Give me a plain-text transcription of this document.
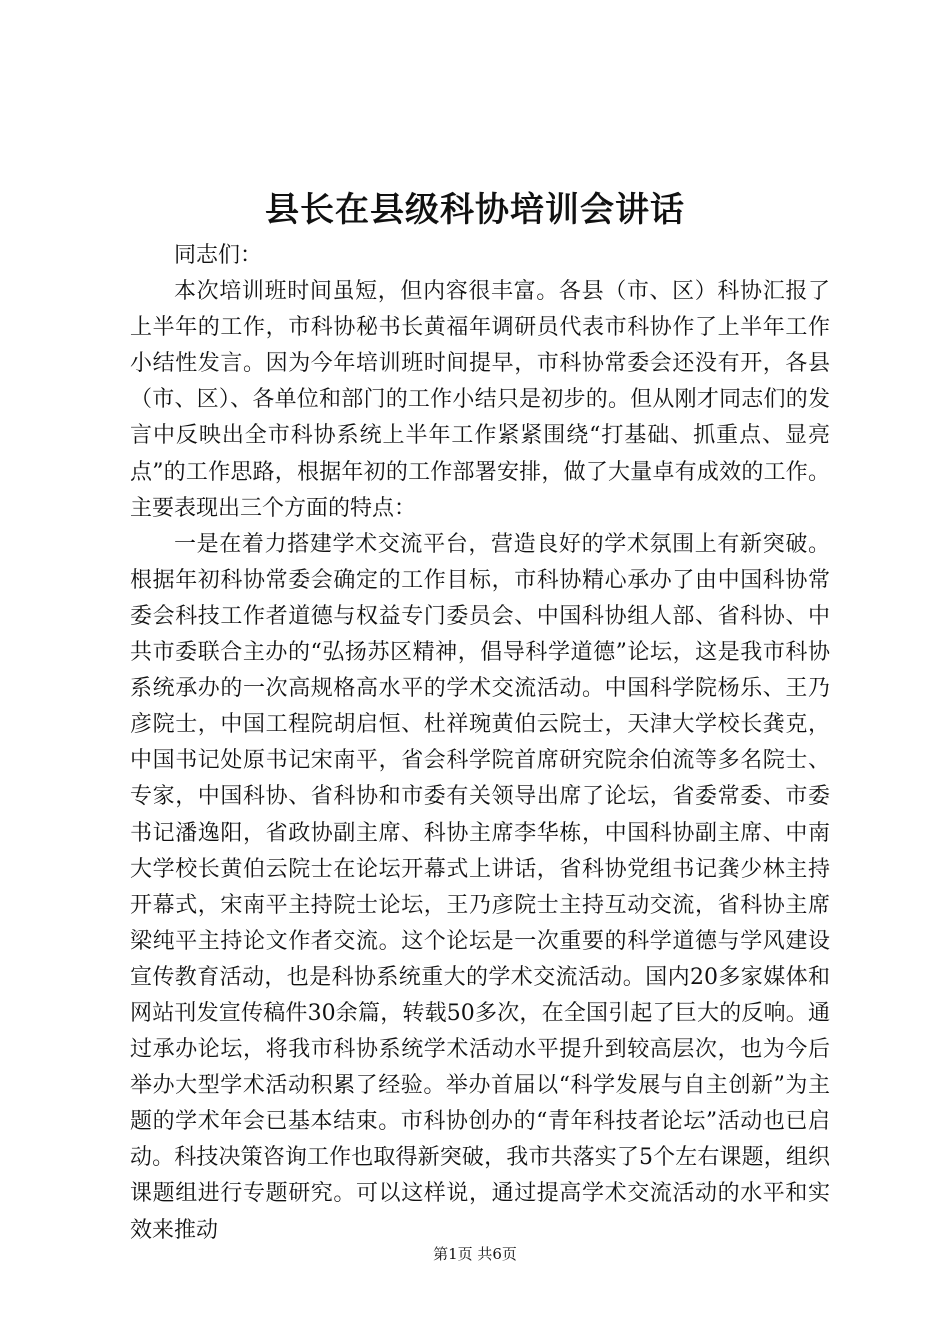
县长在县级科协培训会讲话

同志们：

本次培训班时间虽短，但内容很丰富。各县（市、区）科协汇报了上半年的工作，市科协秘书长黄福年调研员代表市科协作了上半年工作小结性发言。因为今年培训班时间提早，市科协常委会还没有开，各县（市、区）、各单位和部门的工作小结只是初步的。但从刚才同志们的发言中反映出全市科协系统上半年工作紧紧围绕“打基础、抓重点、显亮点”的工作思路，根据年初的工作部署安排，做了大量卓有成效的工作。主要表现出三个方面的特点：

一是在着力搭建学术交流平台，营造良好的学术氛围上有新突破。根据年初科协常委会确定的工作目标，市科协精心承办了由中国科协常委会科技工作者道德与权益专门委员会、中国科协组人部、省科协、中共市委联合主办的“弘扬苏区精神，倡导科学道德”论坛，这是我市科协系统承办的一次高规格高水平的学术交流活动。中国科学院杨乐、王乃彦院士，中国工程院胡启恒、杜祥琬黄伯云院士，天津大学校长龚克，中国书记处原书记宋南平，省会科学院首席研究院余伯流等多名院士、专家，中国科协、省科协和市委有关领导出席了论坛，省委常委、市委书记潘逸阳，省政协副主席、科协主席李华栋，中国科协副主席、中南大学校长黄伯云院士在论坛开幕式上讲话，省科协党组书记龚少林主持开幕式，宋南平主持院士论坛，王乃彦院士主持互动交流，省科协主席梁纯平主持论文作者交流。这个论坛是一次重要的科学道德与学风建设宣传教育活动，也是科协系统重大的学术交流活动。国内20多家媒体和网站刊发宣传稿件30余篇，转载50多次，在全国引起了巨大的反响。通过承办论坛，将我市科协系统学术活动水平提升到较高层次，也为今后举办大型学术活动积累了经验。举办首届以“科学发展与自主创新”为主题的学术年会已基本结束。市科协创办的“青年科技者论坛”活动也已启动。科技决策咨询工作也取得新突破，我市共落实了5个左右课题，组织课题组进行专题研究。可以这样说，通过提高学术交流活动的水平和实效来推动

第1页 共6页
